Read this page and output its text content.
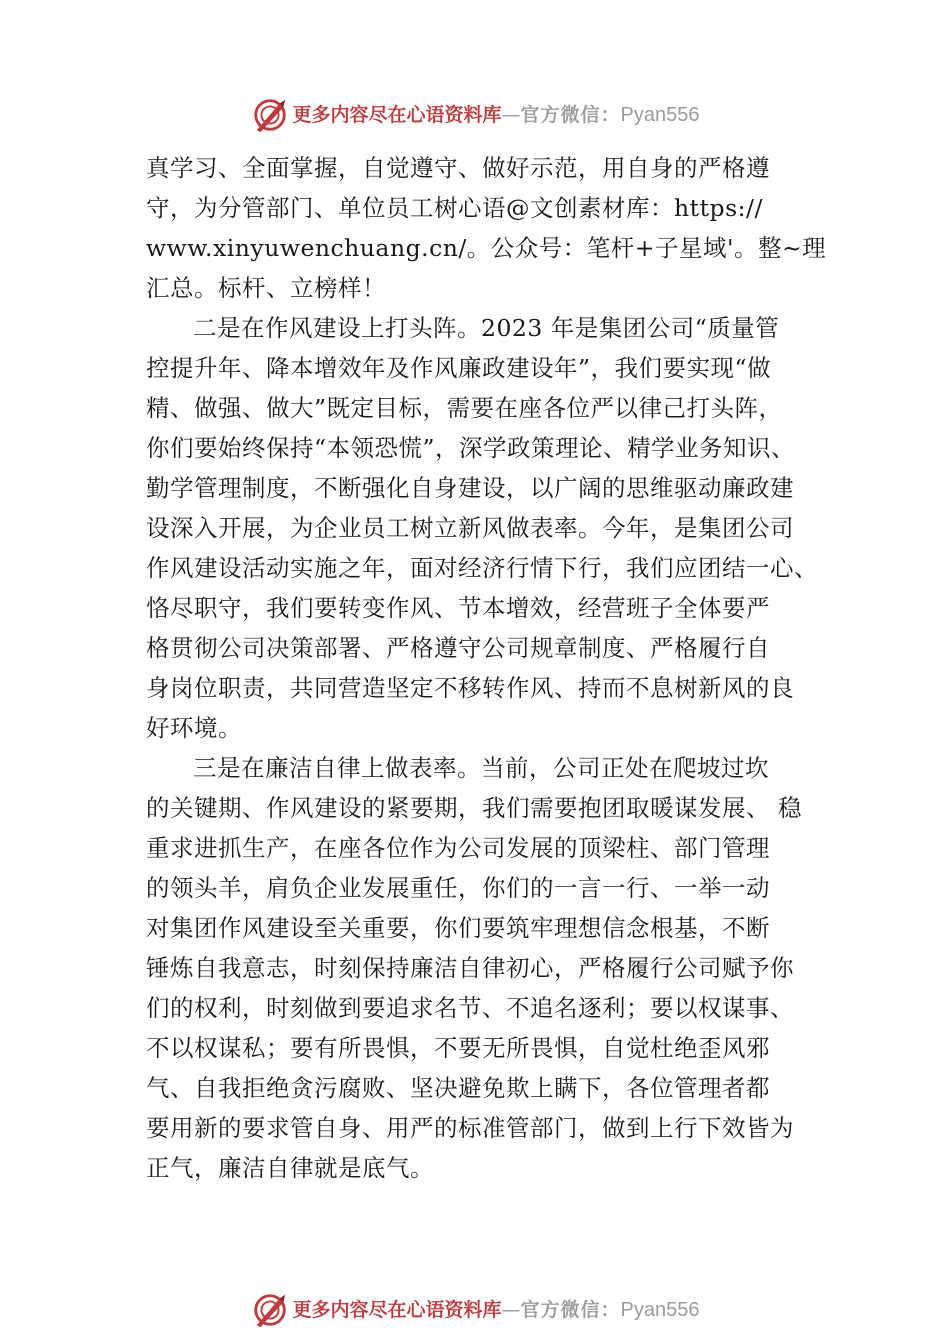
更多内容尽在心语资料库—官方微信：Pyan556
真学习、全面掌握，自觉遵守、做好示范，用自身的严格遵
守，为分管部门、单位员工树心语@文创素材库：https://
www.xinyuwenchuang.cn/。公众号：笔杆+子星域'。整~理
汇总。标杆、立榜样！
二是在作风建设上打头阵。2023 年是集团公司“质量管
控提升年、降本增效年及作风廉政建设年”，我们要实现“做
精、做强、做大”既定目标，需要在座各位严以律己打头阵，
你们要始终保持“本领恐慌”，深学政策理论、精学业务知识、
勤学管理制度，不断强化自身建设，以广阔的思维驱动廉政建
设深入开展，为企业员工树立新风做表率。今年，是集团公司
作风建设活动实施之年，面对经济行情下行，我们应团结一心、
恪尽职守，我们要转变作风、节本增效，经营班子全体要严
格贯彻公司决策部署、严格遵守公司规章制度、严格履行自
身岗位职责，共同营造坚定不移转作风、持而不息树新风的良
好环境。
三是在廉洁自律上做表率。当前，公司正处在爬坡过坎
的关键期、作风建设的紧要期，我们需要抱团取暖谋发展、 稳
重求进抓生产，在座各位作为公司发展的顶梁柱、部门管理
的领头羊，肩负企业发展重任，你们的一言一行、一举一动
对集团作风建设至关重要，你们要筑牢理想信念根基，不断
锤炼自我意志，时刻保持廉洁自律初心，严格履行公司赋予你
们的权利，时刻做到要追求名节、不追名逐利；要以权谋事、
不以权谋私；要有所畏惧，不要无所畏惧，自觉杜绝歪风邪
气、自我拒绝贪污腐败、坚决避免欺上瞒下，各位管理者都
要用新的要求管自身、用严的标准管部门，做到上行下效皆为
正气，廉洁自律就是底气。
更多内容尽在心语资料库—官方微信：Pyan556
